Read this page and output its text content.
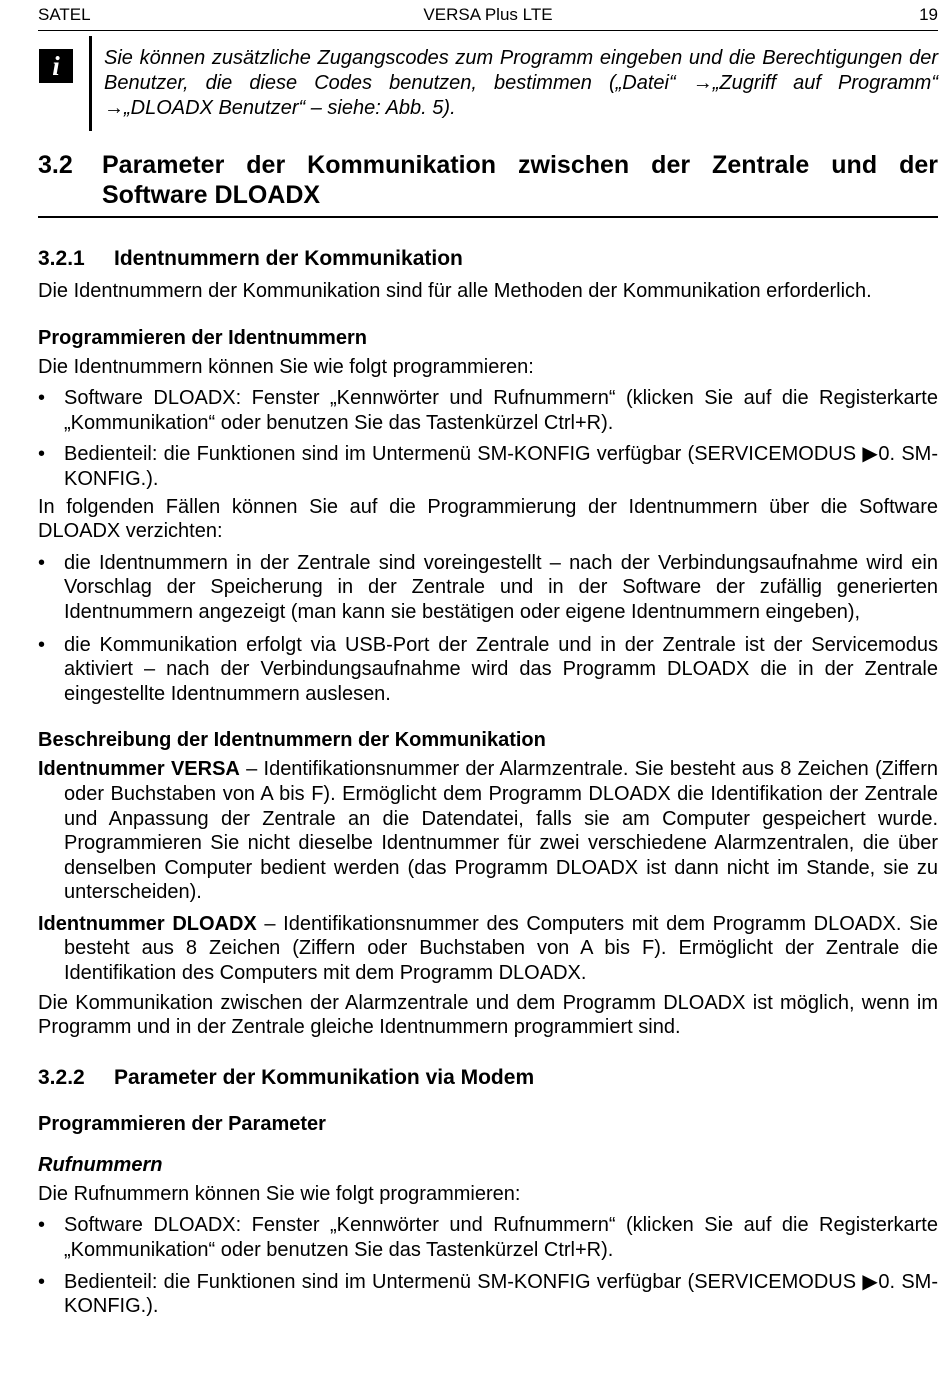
SATEL	VERSA Plus LTE	19
i	Sie können zusätzliche Zugangscodes zum Programm eingeben und die Berechtigungen der Benutzer, die diese Codes benutzen, bestimmen („Datei“ →„Zugriff auf Programm“ →„DLOADX Benutzer“ – siehe: Abb. 5).
3.2 Parameter der Kommunikation zwischen der Zentrale und der Software DLOADX
3.2.1 Identnummern der Kommunikation

Die Identnummern der Kommunikation sind für alle Methoden der Kommunikation erforderlich.

Programmieren der Identnummern

Die Identnummern können Sie wie folgt programmieren:

• Software DLOADX: Fenster „Kennwörter und Rufnummern“ (klicken Sie auf die Registerkarte „Kommunikation“ oder benutzen Sie das Tastenkürzel Ctrl+R).
• Bedienteil: die Funktionen sind im Untermenü SM-KONFIG verfügbar (SERVICEMODUS ▶0. SM-KONFIG.).

In folgenden Fällen können Sie auf die Programmierung der Identnummern über die Software DLOADX verzichten:

• die Identnummern in der Zentrale sind voreingestellt – nach der Verbindungsaufnahme wird ein Vorschlag der Speicherung in der Zentrale und in der Software der zufällig generierten Identnummern angezeigt (man kann sie bestätigen oder eigene Identnummern eingeben),
• die Kommunikation erfolgt via USB-Port der Zentrale und in der Zentrale ist der Servicemodus aktiviert – nach der Verbindungsaufnahme wird das Programm DLOADX die in der Zentrale eingestellte Identnummern auslesen.

Beschreibung der Identnummern der Kommunikation

Identnummer VERSA – Identifikationsnummer der Alarmzentrale. Sie besteht aus 8 Zeichen (Ziffern oder Buchstaben von A bis F). Ermöglicht dem Programm DLOADX die Identifikation der Zentrale und Anpassung der Zentrale an die Datendatei, falls sie am Computer gespeichert wurde. Programmieren Sie nicht dieselbe Identnummer für zwei verschiedene Alarmzentralen, die über denselben Computer bedient werden (das Programm DLOADX ist dann nicht im Stande, sie zu unterscheiden).
Identnummer DLOADX – Identifikationsnummer des Computers mit dem Programm DLOADX. Sie besteht aus 8 Zeichen (Ziffern oder Buchstaben von A bis F). Ermöglicht der Zentrale die Identifikation des Computers mit dem Programm DLOADX.

Die Kommunikation zwischen der Alarmzentrale und dem Programm DLOADX ist möglich, wenn im Programm und in der Zentrale gleiche Identnummern programmiert sind.

3.2.2 Parameter der Kommunikation via Modem

Programmieren der Parameter

Rufnummern

Die Rufnummern können Sie wie folgt programmieren:

• Software DLOADX: Fenster „Kennwörter und Rufnummern“ (klicken Sie auf die Registerkarte „Kommunikation“ oder benutzen Sie das Tastenkürzel Ctrl+R).
• Bedienteil: die Funktionen sind im Untermenü SM-KONFIG verfügbar (SERVICEMODUS ▶0. SM-KONFIG.).
